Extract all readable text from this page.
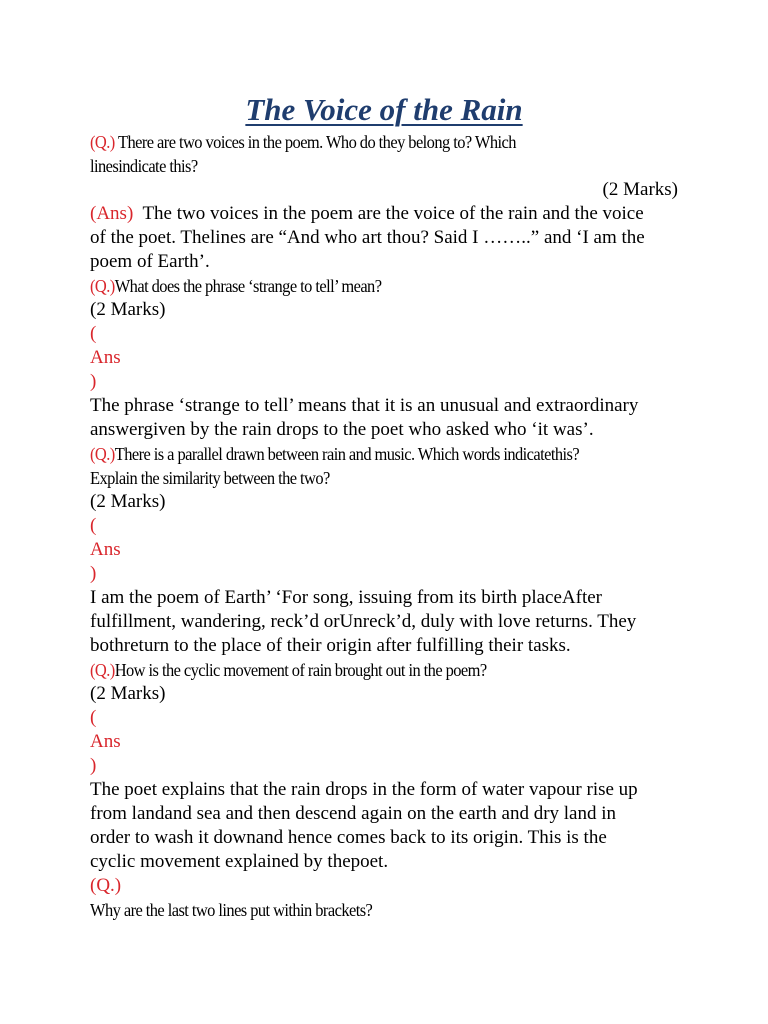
The Voice of the Rain
(Q.) There are two voices in the poem. Who do they belong to? Which
linesindicate this?
(2 Marks)
(Ans) The two voices in the poem are the voice of the rain and the voice
of the poet. Thelines are “And who art thou? Said I ……..” and ‘I am the
poem of Earth’.
(Q.)What does the phrase ‘strange to tell’ mean?
(2 Marks)
(
Ans
)
The phrase ‘strange to tell’ means that it is an unusual and extraordinary
answergiven by the rain drops to the poet who asked who ‘it was’.
(Q.)There is a parallel drawn between rain and music. Which words indicatethis?
Explain the similarity between the two?
(2 Marks)
(
Ans
)
I am the poem of Earth’ ‘For song, issuing from its birth placeAfter
fulfillment, wandering, reck’d orUnreck’d, duly with love returns. They
bothreturn to the place of their origin after fulfilling their tasks.
(Q.)How is the cyclic movement of rain brought out in the poem?
(2 Marks)
(
Ans
)
The poet explains that the rain drops in the form of water vapour rise up
from landand sea and then descend again on the earth and dry land in
order to wash it downand hence comes back to its origin. This is the
cyclic movement explained by thepoet.
(Q.)
Why are the last two lines put within brackets?
